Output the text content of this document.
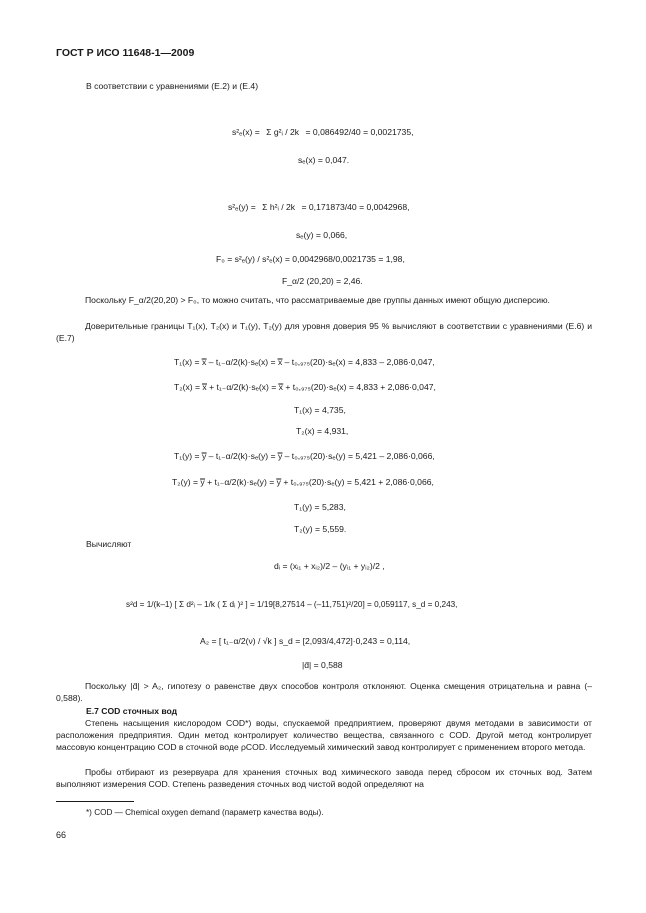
ГОСТ Р ИСО 11648-1—2009
В соответствии с уравнениями (Е.2) и (Е.4)
s²ₑ(x) = Σ g²ᵢ / 2k = 0,086492/40 = 0,0021735,
sₑ(x) = 0,047.
s²ₑ(y) = Σ h²ᵢ / 2k = 0,171873/40 = 0,0042968,
sₑ(y) = 0,066,
F₀ = s²ₑ(y) / s²ₑ(x) = 0,0042968/0,0021735 = 1,98,
F_α/2 (20,20) = 2,46.
Поскольку F_α/2(20,20) > F₀, то можно считать, что рассматриваемые две группы данных имеют общую дисперсию.
Доверительные границы T₁(x), T₂(x) и T₁(y), T₂(y) для уровня доверия 95 % вычисляют в соответствии с уравнениями (Е.6) и (Е.7)
T₁(x) = x̿ – t₁₋α/2(k)·sₑ(x) = x̿ – t₀,₉₇₅(20)·sₑ(x) = 4,833 – 2,086·0,047,
T₂(x) = x̿ + t₁₋α/2(k)·sₑ(x) = x̿ + t₀,₉₇₅(20)·sₑ(x) = 4,833 + 2,086·0,047,
T₁(x) = 4,735,
T₂(x) = 4,931,
T₁(y) = y̿ – t₁₋α/2(k)·sₑ(y) = y̿ – t₀,₉₇₅(20)·sₑ(y) = 5,421 – 2,086·0,066,
T₂(y) = y̿ + t₁₋α/2(k)·sₑ(y) = y̿ + t₀,₉₇₅(20)·sₑ(y) = 5,421 + 2,086·0,066,
T₁(y) = 5,283,
T₂(y) = 5,559.
Вычисляют
dᵢ = (xᵢ₁ + xᵢ₂)/2 – (yᵢ₁ + yᵢ₂)/2 ,
s²d = 1/(k–1) [ Σ d²ᵢ – 1/k ( Σ dᵢ )² ] = 1/19[8,27514 – (–11,751)²/20] = 0,059117, s_d = 0,243,
A₂ = [ t₁₋α/2(ν) / √k ] s_d = [2,093/4,472]·0,243 = 0,114,
|d̄| = 0,588
Поскольку |d̄| > A₂, гипотезу о равенстве двух способов контроля отклоняют. Оценка смещения отрицательна и равна (–0,588).
Е.7 COD сточных вод
Степень насыщения кислородом COD*) воды, спускаемой предприятием, проверяют двумя методами в зависимости от расположения предприятия. Один метод контролирует количество вещества, связанного с COD. Другой метод контролирует массовую концентрацию COD в сточной воде ρCOD. Исследуемый химический завод контролирует с применением второго метода.
Пробы отбирают из резервуара для хранения сточных вод химического завода перед сбросом их сточных вод. Затем выполняют измерения COD. Степень разведения сточных вод чистой водой определяют на
*) COD — Chemical oxygen demand (параметр качества воды).
66
